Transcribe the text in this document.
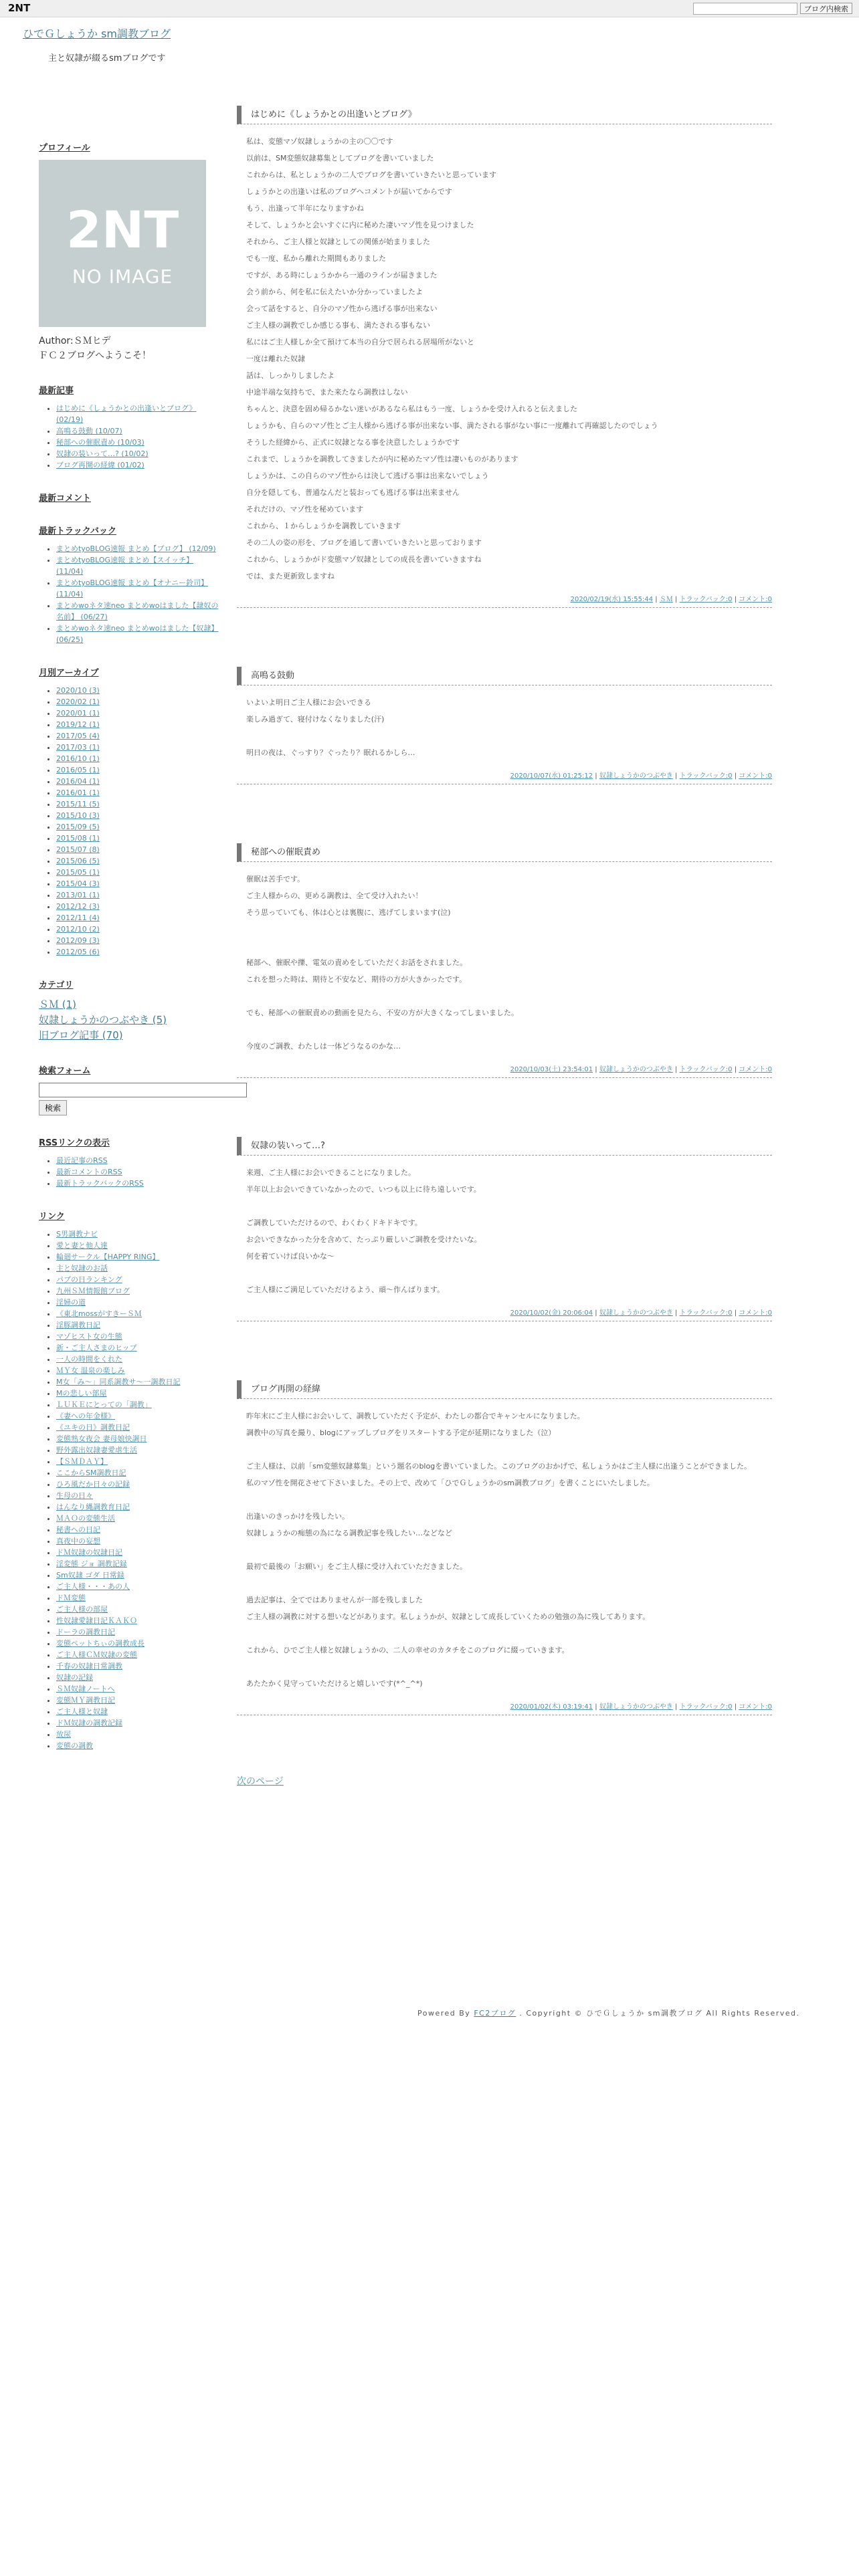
2NT	ブログ内検索
ひでＧしょうか sm調教ブログ
主と奴隷が綴るsmブログです
プロフィール
2NT
NO IMAGE
Author:ＳＭヒデ
ＦＣ２ブログへようこそ！
最新記事
• はじめに《しょうかとの出逢いとブログ》 (02/19)
• 高鳴る鼓動 (10/07)
• 秘部への催眠責め (10/03)
• 奴隷の装いって…? (10/02)
• ブログ再開の経緯 (01/02)
最新コメント
最新トラックバック
• まとめtyoBLOG速報 まとめ【ブログ】 (12/09)
• まとめtyoBLOG速報 まとめ【スイッチ】 (11/04)
• まとめtyoBLOG速報 まとめ【オナニー鈴司】 (11/04)
• まとめwoネタ速neo まとめwoはました【隷奴の名前】 (06/27)
• まとめwoネタ速neo まとめwoはました【奴隷】 (06/25)
月別アーカイブ
• 2020/10 (3)
• 2020/02 (1)
• 2020/01 (1)
• 2019/12 (1)
• 2017/05 (4)
• 2017/03 (1)
• 2016/10 (1)
• 2016/05 (1)
• 2016/04 (1)
• 2016/01 (1)
• 2015/11 (5)
• 2015/10 (3)
• 2015/09 (5)
• 2015/08 (1)
• 2015/07 (8)
• 2015/06 (5)
• 2015/05 (1)
• 2015/04 (3)
• 2013/01 (1)
• 2012/12 (3)
• 2012/11 (4)
• 2012/10 (2)
• 2012/09 (3)
• 2012/05 (6)
カテゴリ
ＳＭ (1)
奴隷しょうかのつぶやき (5)
旧ブログ記事 (70)
検索フォーム
検索
RSSリンクの表示
• 最近記事のRSS
• 最新コメントのRSS
• 最新トラックバックのRSS
リンク
• S男調教ナビ
• 愛と妻と他人達
• 輪廻サークル【HAPPY RING】
• 主と奴隷のお話
• パブの日ランキング
• 九州ＳＭ情報館ブログ
• 淫婦の道
• 《東北mossがすきーＳＭ
• 淫豚調教日記
• マゾヒスト女の生態
• 新・ご主人さまのヒップ
• 一人の時間をくれた
• ＭＹ女 温泉の楽しみ
• M女「み～」同系調教サ～一調教日記
• Mの悲しい部屋
• ＬＵＫＥにとっての「調教」
• 《妻への年金様》
• 《ユキの日》調教日記
• 変態熟女夜会 妻母娘快調日
• 野外露出奴隷妻愛虐生活
• 【ＳＭＤＡＹ】
• ここからSM調教日記
• ひろ風だか日々の記録
• 生母の日々
• はんなり縄調教育日記
• ＭＡＯの変態生活
• 秘書への日記
• 真夜中の妄想
• ドＭ奴隷の奴隷日記
• 淫変態 ジョ 調教記録
• Sm奴隷 ゴダ 日常録
• ご主人様・・・あの人
• ドＭ変態
• ご主人様の部屋
• 性奴隷愛隷日記ＫＡＫＯ
• ドーラの調教日記
• 変態ペットちぃの調教成長
• ご主人様ＣＭ奴隷の変態
• 千春の奴隷日常調教
• 奴隷の記録
• ＳＭ奴隷ノートへ
• 変態ＭＹ調教日記
• ご主人様と奴隷
• ドＭ奴隷の調教記録
• 放尿
• 変態の調教
はじめに《しょうかとの出逢いとブログ》

私は、変態マゾ奴隷しょうかの主の〇〇です

以前は、SM変態奴隷募集としてブログを書いていました

これからは、私としょうかの二人でブログを書いていきたいと思っています

しょうかとの出逢いは私のブログへコメントが届いてからです

もう、出逢って半年になりますかね

そして、しょうかと会いすぐに内に秘めた凄いマゾ性を見つけました

それから、ご主人様と奴隷としての関係が始まりました

でも一度、私から離れた期間もありました

ですが、ある時にしょうかから一通のラインが届きました

会う前から、何を私に伝えたいか分かっていましたよ

会って話をすると、自分のマゾ性から逃げる事が出来ない

ご主人様の調教でしか感じる事も、満たされる事もない

私にはご主人様しか全て預けて本当の自分で居られる居場所がないと

一度は離れた奴隷

話は、しっかりしましたよ

中途半端な気持ちで、また来たなら調教はしない

ちゃんと、決意を固め帰るかない迷いがあるなら私はもう一度、しょうかを受け入れると伝えました

しょうかも、自らのマゾ性とご主人様から逃げる事が出来ない事、満たされる事がない事に一度離れて再確認したのでしょう

そうした経緯から、正式に奴隷となる事を決意したしょうかです

これまで、しょうかを調教してきましたが内に秘めたマゾ性は凄いものがあります

しょうかは、この自らのマゾ性からは決して逃げる事は出来ないでしょう

自分を隠しても、普通なんだと装おっても逃げる事は出来ません

それだけの、マゾ性を秘めています

これから、１からしょうかを調教していきます

その二人の姿の形を、ブログを通して書いていきたいと思っております

これから、しょうかがド変態マゾ奴隷としての成長を書いていきますね

では、また更新致しますね

2020/02/19(水) 15:55:44 | ＳＭ | トラックバック:0 | コメント:0
高鳴る鼓動

いよいよ明日ご主人様にお会いできる

楽しみ過ぎて、寝付けなくなりました(汗)

明日の夜は、ぐっすり？ぐったり？眠れるかしら…

2020/10/07(水) 01:25:12 | 奴隷しょうかのつぶやき | トラックバック:0 | コメント:0
秘部への催眠責め

催眠は苦手です。

ご主人様からの、更める調教は、全て受け入れたい！

そう思っていても、体は心とは裏腹に、逃げてしまいます(泣)

秘部へ、催眠や擽、電気の責めをしていただくお話をされました。

これを想った時は、期待と不安など、期待の方が大きかったです。

でも、秘部への催眠責めの動画を見たら、不安の方が大きくなってしまいました。

今度のご調教、わたしは一体どうなるのかな…

2020/10/03(土) 23:54:01 | 奴隷しょうかのつぶやき | トラックバック:0 | コメント:0
奴隷の装いって…?

来週、ご主人様にお会いできることになりました。

半年以上お会いできていなかったので、いつも以上に待ち遠しいです。

ご調教していただけるので、わくわくドキドキです。

お会いできなかった分を含めて、たっぷり厳しいご調教を受けたいな。

何を着ていけば良いかな～

ご主人様にご満足していただけるよう、頑～作んばります。

2020/10/02(金) 20:06:04 | 奴隷しょうかのつぶやき | トラックバック:0 | コメント:0
ブログ再開の経緯

昨年末にご主人様にお会いして、調教していただく予定が、わたしの都合でキャンセルになりました。

調教中の写真を撮り、blogにアップしブログをリスタートする予定が延期になりました（泣）

ご主人様は、以前「sm変態奴隷募集」という題名のblogを書いていました。このブログのおかげで、私しょうかはご主人様に出逢うことができました。

私のマゾ性を開花させて下さいました。その上で、改めて「ひでＧしょうかのsm調教ブログ」を書くことにいたしました。

出逢いのきっかけを残したい。

奴隷しょうかの痴態の為になる調教記事を残したい…などなど

最初で最後の「お願い」をご主人様に受け入れていただきました。

過去記事は、全てではありませんが一部を残しました

ご主人様の調教に対する想いなどがあります。私しょうかが、奴隷として成長していくための勉強の為に残してあります。

これから、ひでご主人様と奴隷しょうかの、二人の幸せのカタチをこのブログに綴っていきます。

あたたかく見守っていただけると嬉しいです(*^_^*)

2020/01/02(木) 03:19:41 | 奴隷しょうかのつぶやき | トラックバック:0 | コメント:0
次のページ
Powered By FC2ブログ . Copyright © ひでＧしょうか sm調教ブログ All Rights Reserved.
